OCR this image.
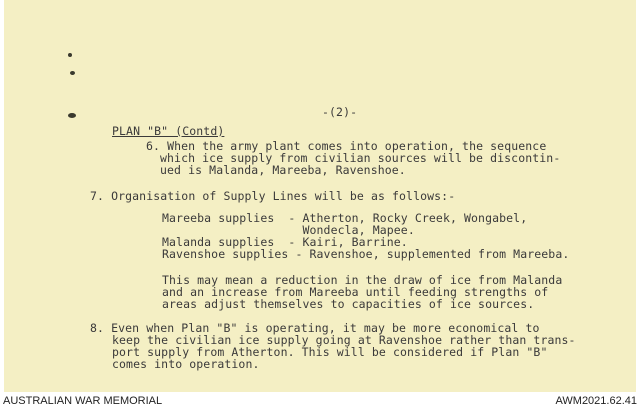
-(2)-
PLAN "B" (Contd)
6. When the army plant comes into operation, the sequence
which ice supply from civilian sources will be discontin-
ued is Malanda, Mareeba, Ravenshoe.
7. Organisation of Supply Lines will be as follows:-
Mareeba supplies  - Atherton, Rocky Creek, Wongabel,
Wondecla, Mapee.
Malanda supplies  - Kairi, Barrine.
Ravenshoe supplies - Ravenshoe, supplemented from Mareeba.
This may mean a reduction in the draw of ice from Malanda
and an increase from Mareeba until feeding strengths of
areas adjust themselves to capacities of ice sources.
8. Even when Plan "B" is operating, it may be more economical to
keep the civilian ice supply going at Ravenshoe rather than trans-
port supply from Atherton. This will be considered if Plan "B"
comes into operation.
AUSTRALIAN WAR MEMORIAL	AWM2021.62.41
